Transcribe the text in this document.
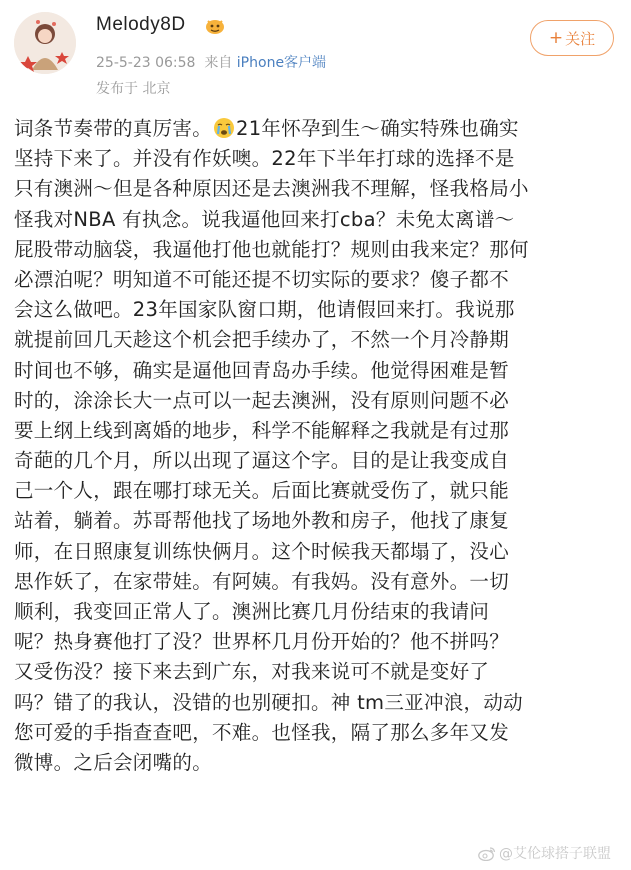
Melody8D
25-5-23 06:58 来自 iPhone客户端
发布于 北京
+ 关注
词条节奏带的真厉害。 21年怀孕到生～确实特殊也确实
坚持下来了。并没有作妖噢。22年下半年打球的选择不是
只有澳洲～但是各种原因还是去澳洲我不理解，怪我格局小
怪我对NBA 有执念。说我逼他回来打cba？未免太离谱～
屁股带动脑袋，我逼他打他也就能打？规则由我来定？那何
必漂泊呢？明知道不可能还提不切实际的要求？傻子都不
会这么做吧。23年国家队窗口期，他请假回来打。我说那
就提前回几天趁这个机会把手续办了，不然一个月冷静期
时间也不够，确实是逼他回青岛办手续。他觉得困难是暂
时的，涂涂长大一点可以一起去澳洲，没有原则问题不必
要上纲上线到离婚的地步，科学不能解释之我就是有过那
奇葩的几个月，所以出现了逼这个字。目的是让我变成自
己一个人，跟在哪打球无关。后面比赛就受伤了，就只能
站着，躺着。苏哥帮他找了场地外教和房子，他找了康复
师，在日照康复训练快俩月。这个时候我天都塌了，没心
思作妖了，在家带娃。有阿姨。有我妈。没有意外。一切
顺利，我变回正常人了。澳洲比赛几月份结束的我请问
呢？热身赛他打了没？世界杯几月份开始的？他不拼吗？
又受伤没？接下来去到广东，对我来说可不就是变好了
吗？错了的我认，没错的也别硬扣。神 tm三亚冲浪，动动
您可爱的手指查查吧，不难。也怪我，隔了那么多年又发
微博。之后会闭嘴的。
@艾伦球搭子联盟
